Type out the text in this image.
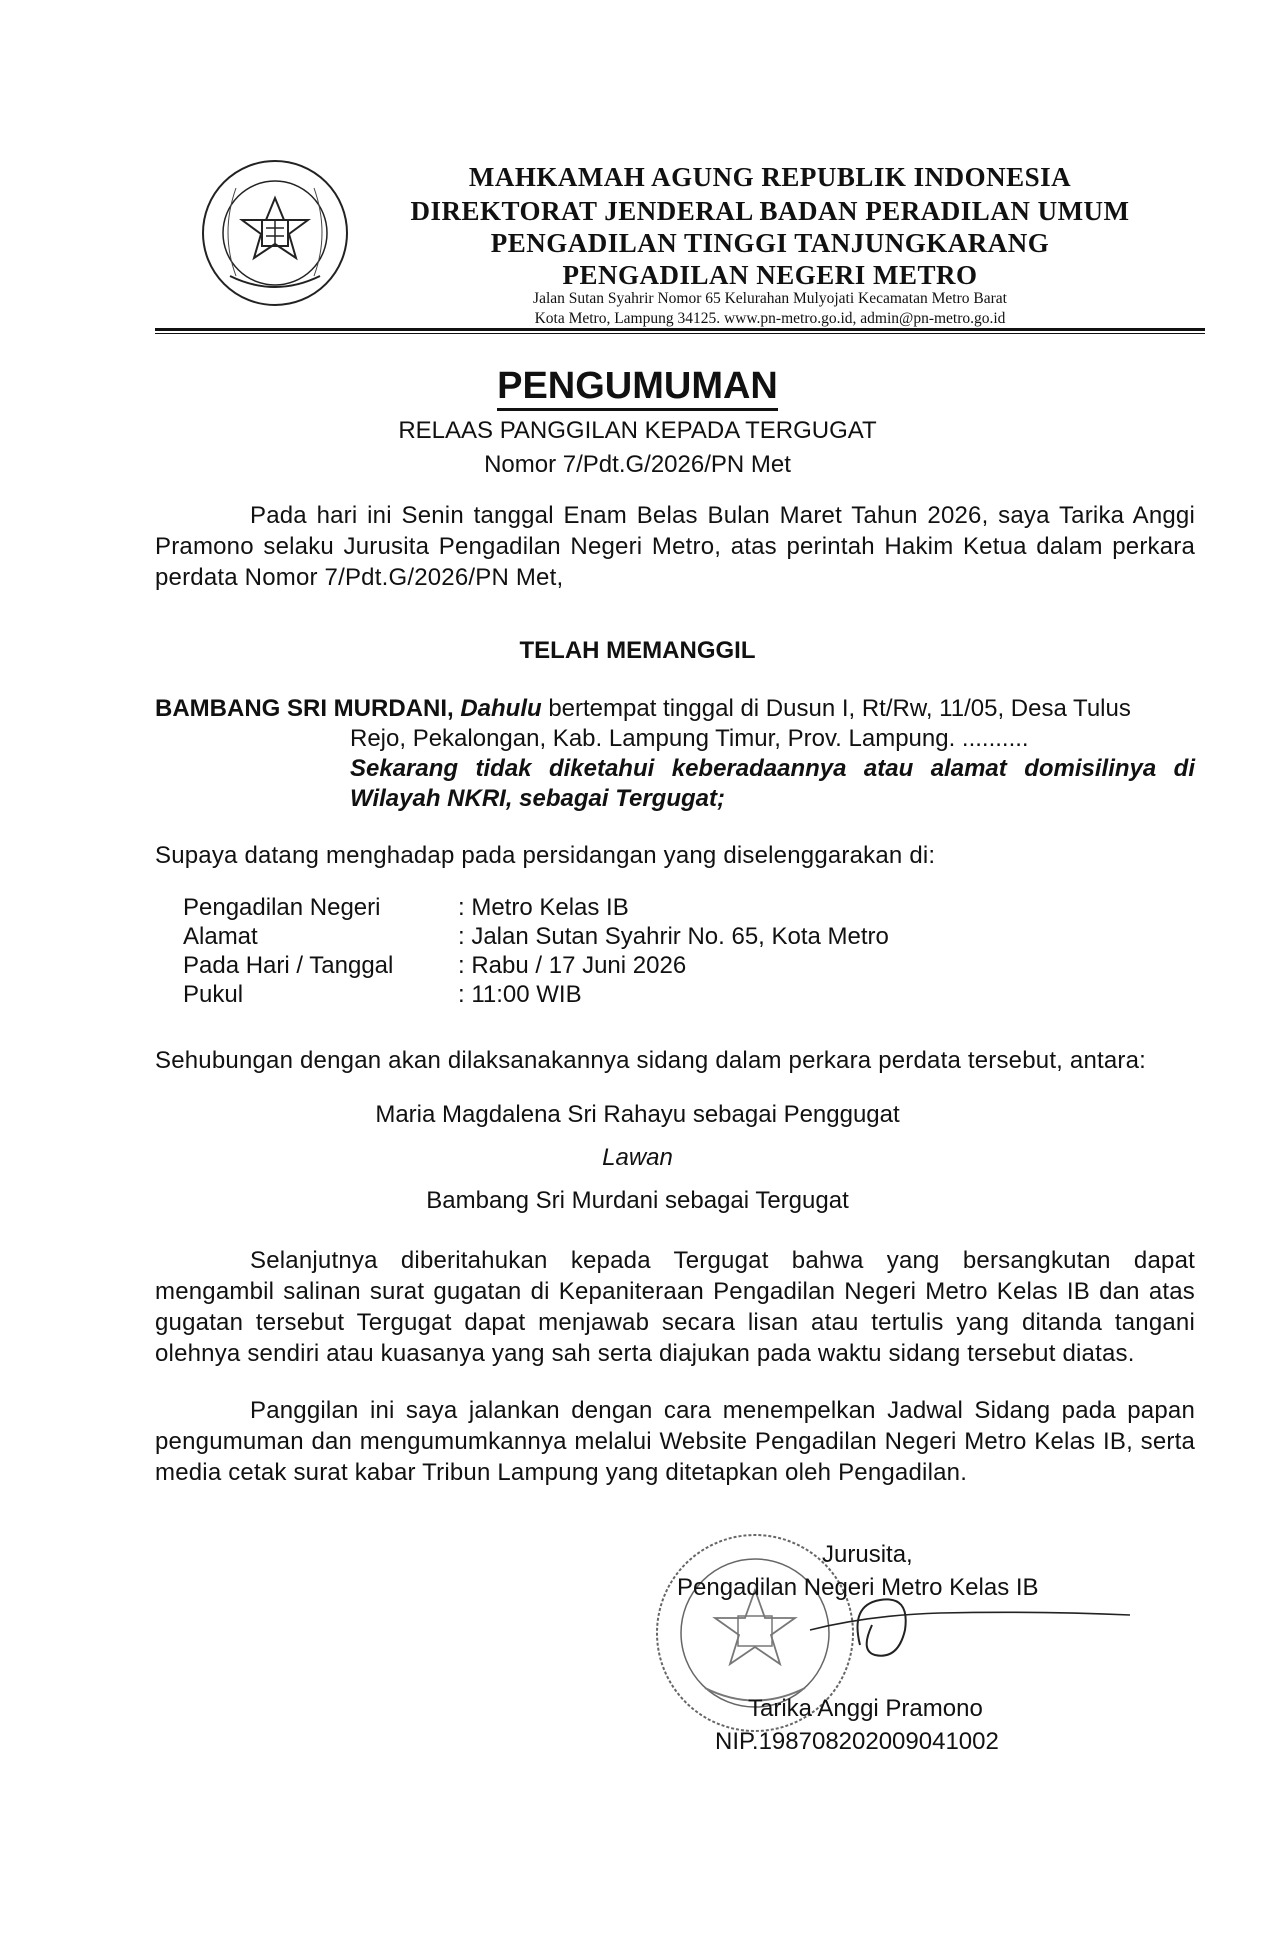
MAHKAMAH AGUNG REPUBLIK INDONESIA
DIREKTORAT JENDERAL BADAN PERADILAN UMUM
PENGADILAN TINGGI TANJUNGKARANG
PENGADILAN NEGERI METRO
Jalan Sutan Syahrir Nomor 65 Kelurahan Mulyojati Kecamatan Metro Barat
Kota Metro, Lampung 34125. www.pn-metro.go.id, admin@pn-metro.go.id
PENGUMUMAN
RELAAS PANGGILAN KEPADA TERGUGAT
Nomor 7/Pdt.G/2026/PN Met
Pada hari ini Senin tanggal Enam Belas Bulan Maret Tahun 2026, saya Tarika Anggi Pramono selaku Jurusita Pengadilan Negeri Metro, atas perintah Hakim Ketua dalam perkara perdata Nomor 7/Pdt.G/2026/PN Met,
TELAH MEMANGGIL
BAMBANG SRI MURDANI, Dahulu bertempat tinggal di Dusun I, Rt/Rw, 11/05, Desa Tulus
Rejo, Pekalongan, Kab. Lampung Timur, Prov. Lampung. ..........
Sekarang tidak diketahui keberadaannya atau alamat domisilinya di Wilayah NKRI, sebagai Tergugat;
Supaya datang menghadap pada persidangan yang diselenggarakan di:
Pengadilan Negeri	: Metro Kelas IB
Alamat	: Jalan Sutan Syahrir No. 65, Kota Metro
Pada Hari / Tanggal	: Rabu / 17 Juni 2026
Pukul	: 11:00 WIB
Sehubungan dengan akan dilaksanakannya sidang dalam perkara perdata tersebut, antara:
Maria Magdalena Sri Rahayu sebagai Penggugat
Lawan
Bambang Sri Murdani sebagai Tergugat
Selanjutnya diberitahukan kepada Tergugat bahwa yang bersangkutan dapat mengambil salinan surat gugatan di Kepaniteraan Pengadilan Negeri Metro Kelas IB dan atas gugatan tersebut Tergugat dapat menjawab secara lisan atau tertulis yang ditanda tangani olehnya sendiri atau kuasanya yang sah serta diajukan pada waktu sidang tersebut diatas.
Panggilan ini saya jalankan dengan cara menempelkan Jadwal Sidang pada papan pengumuman dan mengumumkannya melalui Website Pengadilan Negeri Metro Kelas IB, serta media cetak surat kabar Tribun Lampung yang ditetapkan oleh Pengadilan.
Jurusita,
Pengadilan Negeri Metro Kelas IB
Tarika Anggi Pramono
NIP.198708202009041002
